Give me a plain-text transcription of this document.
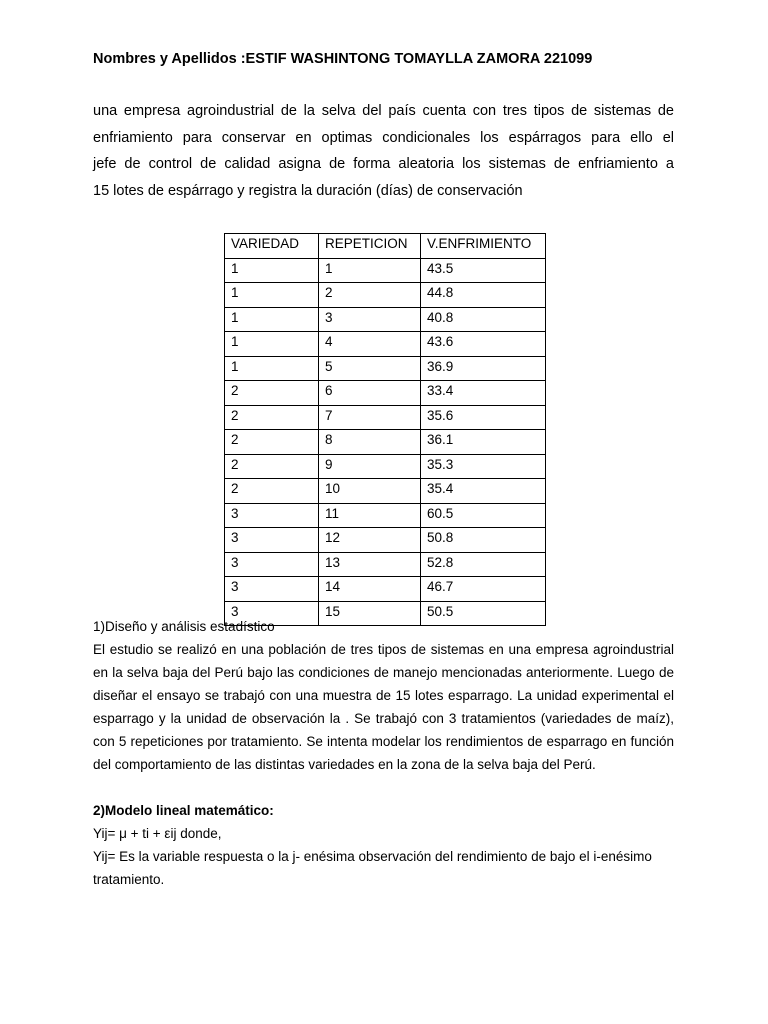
Nombres y Apellidos :ESTIF WASHINTONG TOMAYLLA ZAMORA 221099

una empresa agroindustrial de la selva del país cuenta con tres tipos de sistemas de

enfriamiento para conservar en optimas condicionales los espárragos para ello el

jefe de control de calidad asigna de forma aleatoria los sistemas de enfriamiento a

15 lotes de espárrago y registra la duración (días) de conservación

VARIEDAD	REPETICION	V.ENFRIMIENTO
1	1	43.5
1	2	44.8
1	3	40.8
1	4	43.6
1	5	36.9
2	6	33.4
2	7	35.6
2	8	36.1
2	9	35.3
2	10	35.4
3	11	60.5
3	12	50.8
3	13	52.8
3	14	46.7
3	15	50.5

1)Diseño y análisis estadístico

El estudio se realizó en una población de tres tipos de sistemas en una empresa agroindustrial en la selva baja del Perú bajo las condiciones de manejo mencionadas anteriormente. Luego de diseñar el ensayo se trabajó con una muestra de 15 lotes esparrago. La unidad experimental el esparrago y la unidad de observación la . Se trabajó con 3 tratamientos (variedades de maíz), con 5 repeticiones por tratamiento. Se intenta modelar los rendimientos de esparrago en función del comportamiento de las distintas variedades en la zona de la selva baja del Perú.

2)Modelo lineal matemático:

Yij= μ + ti + εij donde,

Yij= Es la variable respuesta o la j- enésima observación del rendimiento de bajo el i-enésimo

tratamiento.
